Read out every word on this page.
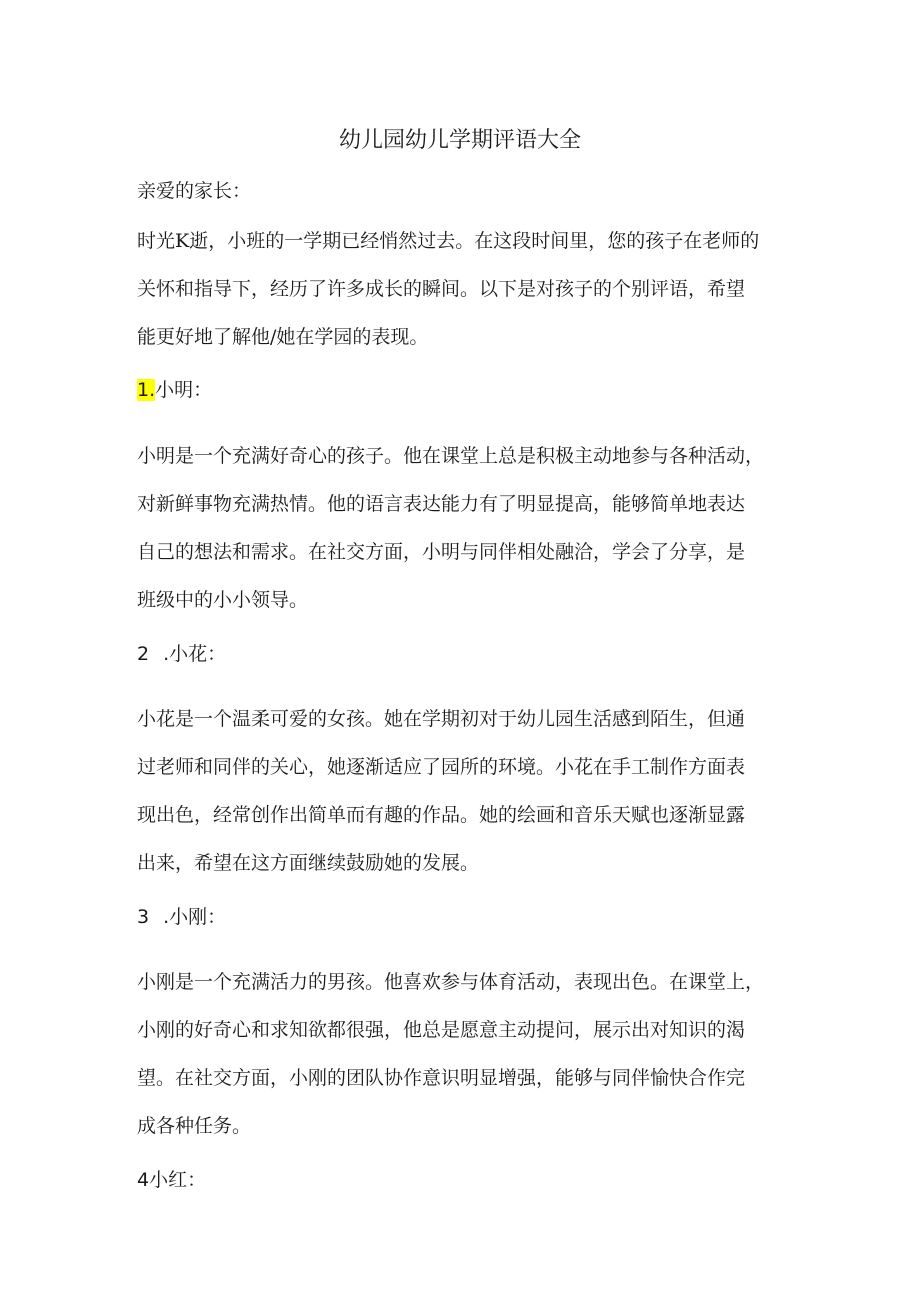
幼儿园幼儿学期评语大全

亲爱的家长：

时光K逝，小班的一学期已经悄然过去。在这段时间里，您的孩子在老师的

关怀和指导下，经历了许多成长的瞬间。以下是对孩子的个别评语，希望

能更好地了解他/她在学园的表现。

1.小明：

小明是一个充满好奇心的孩子。他在课堂上总是积极主动地参与各种活动，

对新鲜事物充满热情。他的语言表达能力有了明显提高，能够简单地表达

自己的想法和需求。在社交方面，小明与同伴相处融洽，学会了分享，是

班级中的小小领导。

2 .小花：

小花是一个温柔可爱的女孩。她在学期初对于幼儿园生活感到陌生，但通

过老师和同伴的关心，她逐渐适应了园所的环境。小花在手工制作方面表

现出色，经常创作出简单而有趣的作品。她的绘画和音乐天赋也逐渐显露

出来，希望在这方面继续鼓励她的发展。

3 .小刚：

小刚是一个充满活力的男孩。他喜欢参与体育活动，表现出色。在课堂上，

小刚的好奇心和求知欲都很强，他总是愿意主动提问，展示出对知识的渴

望。在社交方面，小刚的团队协作意识明显增强，能够与同伴愉快合作完

成各种任务。

4小红：
